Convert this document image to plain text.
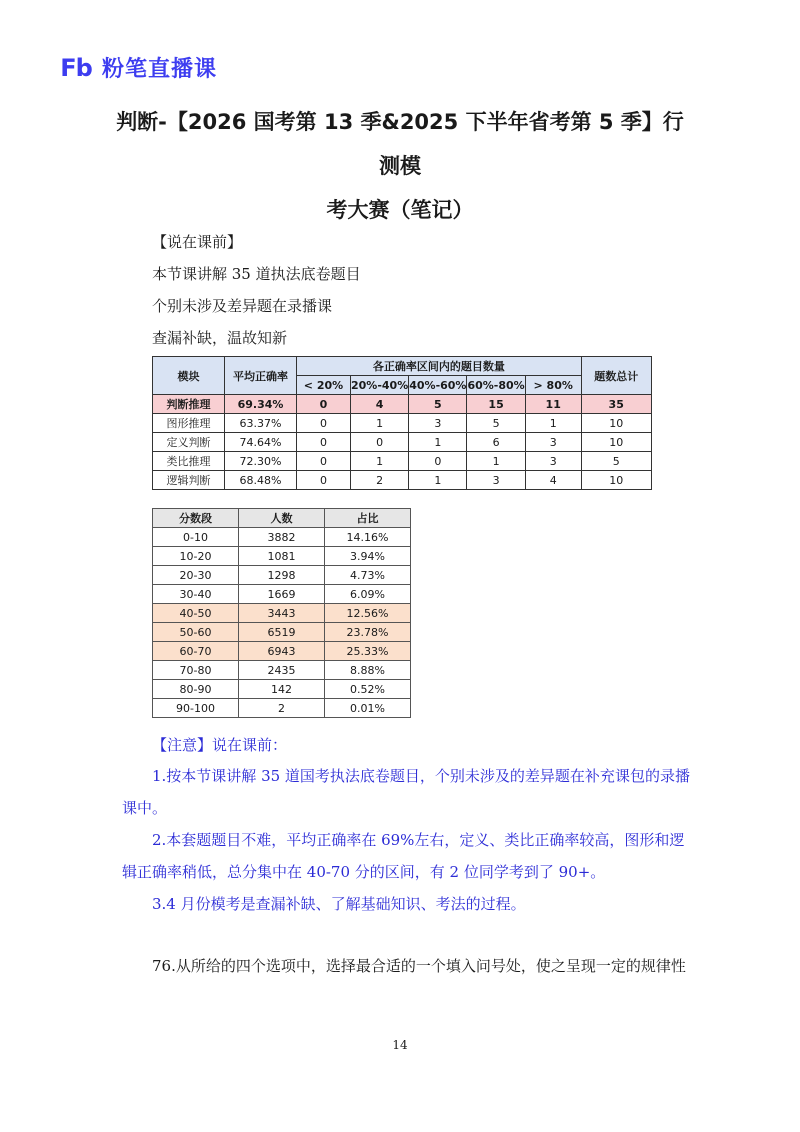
Fb 粉笔直播课
判断-【2026 国考第 13 季&2025 下半年省考第 5 季】行测模
考大赛（笔记）
【说在课前】
本节课讲解 35 道执法底卷题目
个别未涉及差异题在录播课
查漏补缺，温故知新
模块	平均正确率	各正确率区间内的题目数量					题数总计
		< 20%	20%-40%	40%-60%	60%-80%	> 80%	
判断推理	69.34%	0	4	5	15	11	35
图形推理	63.37%	0	1	3	5	1	10
定义判断	74.64%	0	0	1	6	3	10
类比推理	72.30%	0	1	0	1	3	5
逻辑判断	68.48%	0	2	1	3	4	10
分数段	人数	占比
0-10	3882	14.16%
10-20	1081	3.94%
20-30	1298	4.73%
30-40	1669	6.09%
40-50	3443	12.56%
50-60	6519	23.78%
60-70	6943	25.33%
70-80	2435	8.88%
80-90	142	0.52%
90-100	2	0.01%
【注意】说在课前：
1.按本节课讲解 35 道国考执法底卷题目，个别未涉及的差异题在补充课包的录播课中。
2.本套题题目不难，平均正确率在 69%左右，定义、类比正确率较高，图形和逻辑正确率稍低，总分集中在 40-70 分的区间，有 2 位同学考到了 90+。
3.4 月份模考是查漏补缺、了解基础知识、考法的过程。
76.从所给的四个选项中，选择最合适的一个填入问号处，使之呈现一定的规律性
14
